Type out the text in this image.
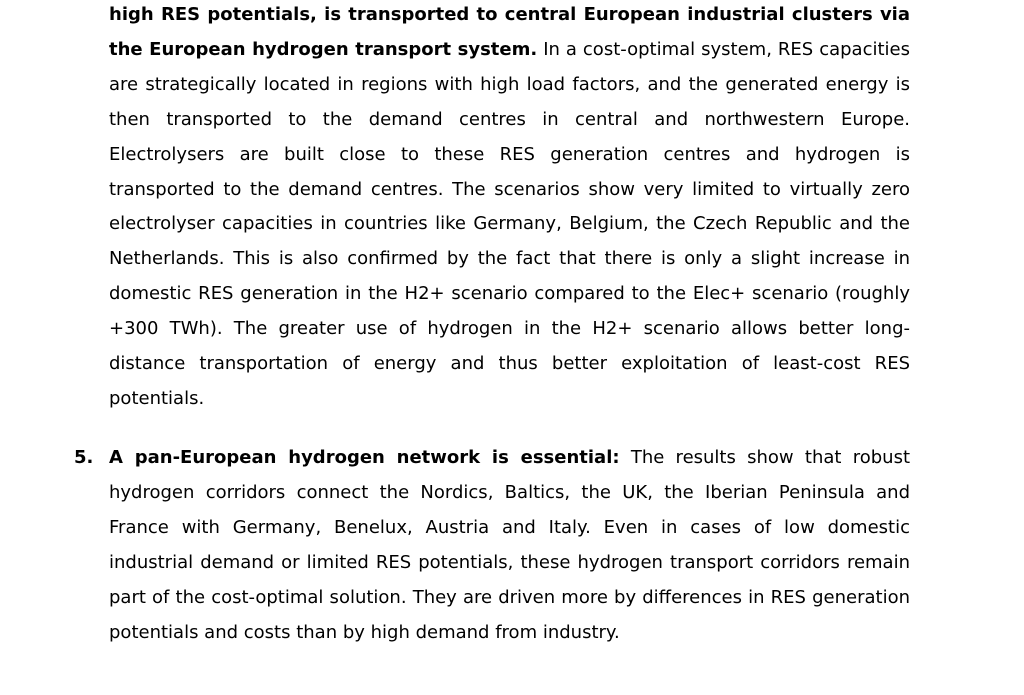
high RES potentials, is transported to central European industrial clusters via the European hydrogen transport system. In a cost-optimal system, RES capacities are strategically located in regions with high load factors, and the generated energy is then transported to the demand centres in central and northwestern Europe. Electrolysers are built close to these RES generation centres and hydrogen is transported to the demand centres. The scenarios show very limited to virtually zero electrolyser capacities in countries like Germany, Belgium, the Czech Republic and the Netherlands. This is also confirmed by the fact that there is only a slight increase in domestic RES generation in the H2+ scenario compared to the Elec+ scenario (roughly +300 TWh). The greater use of hydrogen in the H2+ scenario allows better long-distance transportation of energy and thus better exploitation of least-cost RES potentials.
5. A pan-European hydrogen network is essential: The results show that robust hydrogen corridors connect the Nordics, Baltics, the UK, the Iberian Peninsula and France with Germany, Benelux, Austria and Italy. Even in cases of low domestic industrial demand or limited RES potentials, these hydrogen transport corridors remain part of the cost-optimal solution. They are driven more by differences in RES generation potentials and costs than by high demand from industry.
